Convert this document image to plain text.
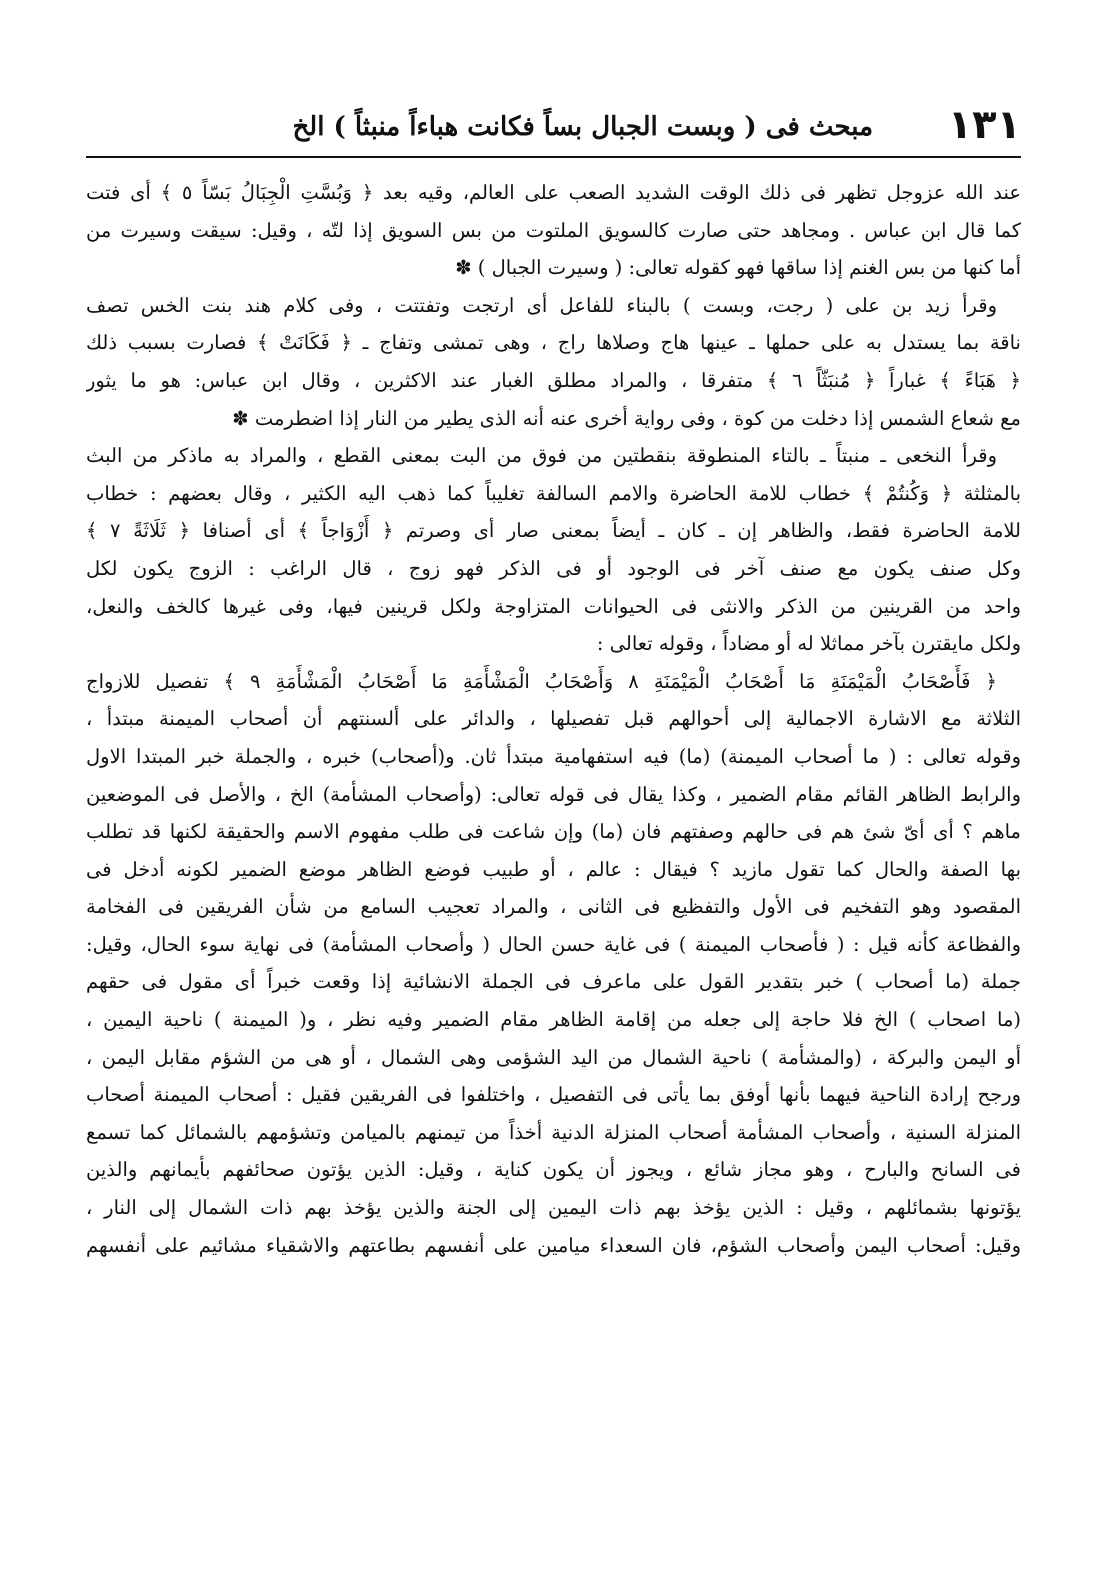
مبحث فى ( وبست الجبال بساً فكانت هباءاً منبثاً ) الخ ١٣١
عند الله عزوجل تظهر فى ذلك الوقت الشديد الصعب على العالم، وقيه بعد ﴿ وَبُسَّتِ الْجِبَالُ بَسّاً ٥ ﴾ أى فتت
كما قال ابن عباس . ومجاهد حتى صارت كالسويق الملتوت من بس السويق إذا لتّه ، وقيل: سيقت وسيرت من
أما كنها من بس الغنم إذا ساقها فهو كقوله تعالى: ( وسيرت الجبال ) ✽
وقرأ زيد بن على ( رجت، وبست ) بالبناء للفاعل أى ارتجت وتفتتت ، وفى كلام هند بنت الخس تصف
ناقة بما يستدل به على حملها ـ عينها هاج وصلاها راج ، وهى تمشى وتفاج ـ ﴿ فَكَانَتْ ﴾ فصارت بسبب ذلك
﴿ هَبَاءً ﴾ غباراً ﴿ مُنبَثّاً ٦ ﴾ متفرقا ، والمراد مطلق الغبار عند الاكثرين ، وقال ابن عباس: هو ما يثور
مع شعاع الشمس إذا دخلت من كوة ، وفى رواية أخرى عنه أنه الذى يطير من النار إذا اضطرمت ✽
وقرأ النخعى ـ منبتاً ـ بالتاء المنطوقة بنقطتين من فوق من البت بمعنى القطع ، والمراد به ماذكر من البث
بالمثلثة ﴿ وَكُنتُمْ ﴾ خطاب للامة الحاضرة والامم السالفة تغليباً كما ذهب اليه الكثير ، وقال بعضهم : خطاب
للامة الحاضرة فقط، والظاهر إن ـ كان ـ أيضاً بمعنى صار أى وصرتم ﴿ أَزْوَاجاً ﴾ أى أصنافا ﴿ ثَلَاثَةً ٧ ﴾
وكل صنف يكون مع صنف آخر فى الوجود أو فى الذكر فهو زوج ، قال الراغب : الزوج يكون لكل
واحد من القرينين من الذكر والانثى فى الحيوانات المتزاوجة ولكل قرينين فيها، وفى غيرها كالخف والنعل،
ولكل مايقترن بآخر مماثلا له أو مضاداً ، وقوله تعالى :
﴿ فَأَصْحَابُ الْمَيْمَنَةِ مَا أَصْحَابُ الْمَيْمَنَةِ ٨ وَأَصْحَابُ الْمَشْأَمَةِ مَا أَصْحَابُ الْمَشْأَمَةِ ٩ ﴾ تفصيل للازواج
الثلاثة مع الاشارة الاجمالية إلى أحوالهم قبل تفصيلها ، والدائر على ألسنتهم أن أصحاب الميمنة مبتدأ ،
وقوله تعالى : ( ما أصحاب الميمنة) (ما) فيه استفهامية مبتدأ ثان. و(أصحاب) خبره ، والجملة خبر المبتدا الاول
والرابط الظاهر القائم مقام الضمير ، وكذا يقال فى قوله تعالى: (وأصحاب المشأمة) الخ ، والأصل فى الموضعين
ماهم ؟ أى أىّ شئ هم فى حالهم وصفتهم فان (ما) وإن شاعت فى طلب مفهوم الاسم والحقيقة لكنها قد تطلب
بها الصفة والحال كما تقول مازيد ؟ فيقال : عالم ، أو طبيب فوضع الظاهر موضع الضمير لكونه أدخل فى
المقصود وهو التفخيم فى الأول والتفظيع فى الثانى ، والمراد تعجيب السامع من شأن الفريقين فى الفخامة
والفظاعة كأنه قيل : ( فأصحاب الميمنة ) فى غاية حسن الحال ( وأصحاب المشأمة) فى نهاية سوء الحال، وقيل:
جملة (ما أصحاب ) خبر بتقدير القول على ماعرف فى الجملة الانشائية إذا وقعت خبراً أى مقول فى حقهم
(ما اصحاب ) الخ فلا حاجة إلى جعله من إقامة الظاهر مقام الضمير وفيه نظر ، و( الميمنة ) ناحية اليمين ،
أو اليمن والبركة ، (والمشأمة ) ناحية الشمال من اليد الشؤمى وهى الشمال ، أو هى من الشؤم مقابل اليمن ،
ورجح إرادة الناحية فيهما بأنها أوفق بما يأتى فى التفصيل ، واختلفوا فى الفريقين فقيل : أصحاب الميمنة أصحاب
المنزلة السنية ، وأصحاب المشأمة أصحاب المنزلة الدنية أخذاً من تيمنهم بالميامن وتشؤمهم بالشمائل كما تسمع
فى السانح والبارح ، وهو مجاز شائع ، ويجوز أن يكون كناية ، وقيل: الذين يؤتون صحائفهم بأيمانهم والذين
يؤتونها بشمائلهم ، وقيل : الذين يؤخذ بهم ذات اليمين إلى الجنة والذين يؤخذ بهم ذات الشمال إلى النار ،
وقيل: أصحاب اليمن وأصحاب الشؤم، فان السعداء ميامين على أنفسهم بطاعتهم والاشقياء مشائيم على أنفسهم
